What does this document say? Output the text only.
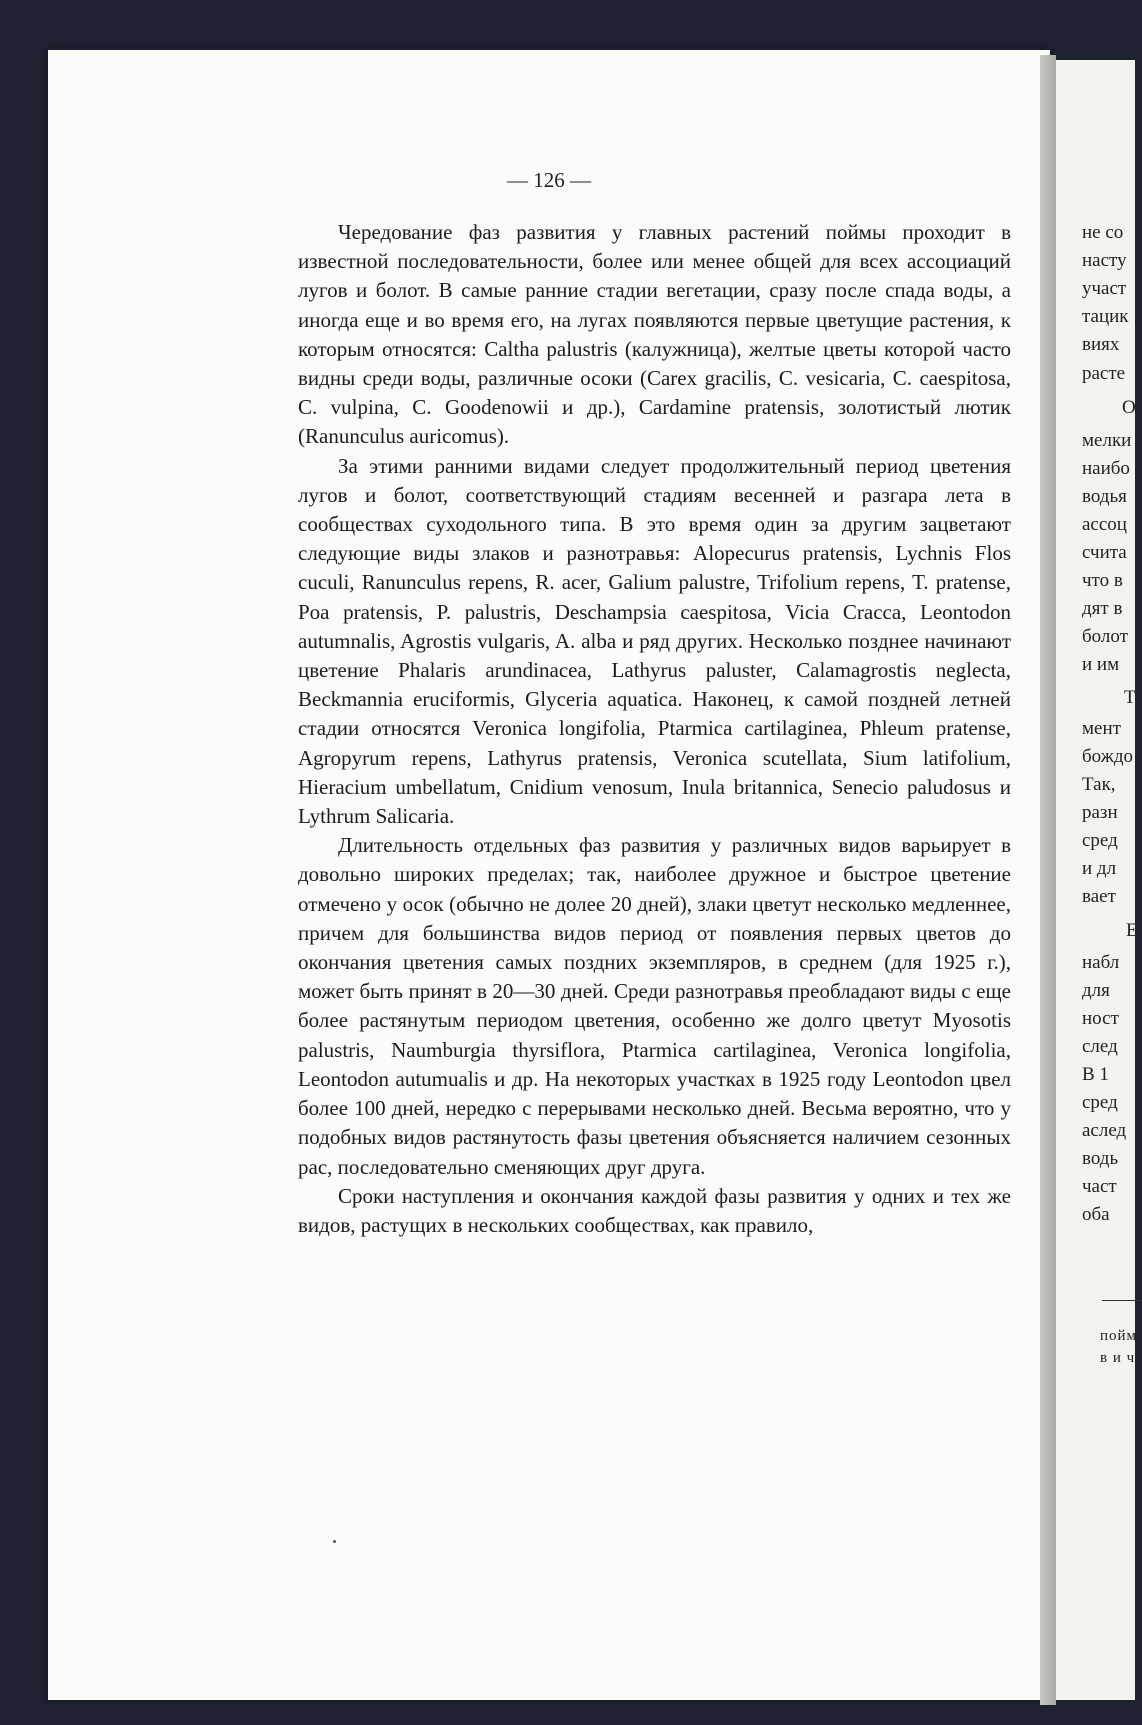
— 126 —

Чередование фаз развития у главных растений поймы проходит в известной последовательности, более или менее общей для всех ассоциаций лугов и болот. В самые ранние стадии вегетации, сразу после спада воды, а иногда еще и во время его, на лугах появляются первые цветущие растения, к которым относятся: Caltha palustris (калужница), желтые цветы которой часто видны среди воды, различные осоки (Carex gracilis, C. vesicaria, C. caespitosa, C. vulpina, C. Goodenowii и др.), Cardamine pratensis, золотистый лютик (Ranunculus auricomus).

За этими ранними видами следует продолжительный период цветения лугов и болот, соответствующий стадиям весенней и разгара лета в сообществах суходольного типа. В это время один за другим зацветают следующие виды злаков и разнотравья: Alopecurus pratensis, Lychnis Flos cuculi, Ranunculus repens, R. acer, Galium palustre, Trifolium repens, T. pratense, Poa pratensis, P. palustris, Deschampsia caespitosa, Vicia Cracca, Leontodon autumnalis, Agrostis vulgaris, A. alba и ряд других. Несколько позднее начинают цветение Phalaris arundinacea, Lathyrus paluster, Calamagrostis neglecta, Beckmannia eruciformis, Glyceria aquatica. Наконец, к самой поздней летней стадии относятся Veronica longifolia, Ptarmica cartilaginea, Phleum pratense, Agropyrum repens, Lathyrus pratensis, Veronica scutellata, Sium latifolium, Hieracium umbellatum, Cnidium venosum, Inula britannica, Senecio paludosus и Lythrum Salicaria.

Длительность отдельных фаз развития у различных видов варьирует в довольно широких пределах; так, наиболее дружное и быстрое цветение отмечено у осок (обычно не долее 20 дней), злаки цветут несколько медленнее, причем для большинства видов период от появления первых цветов до окончания цветения самых поздних экземпляров, в среднем (для 1925 г.), может быть принят в 20—30 дней. Среди разнотравья преобладают виды с еще более растянутым периодом цветения, особенно же долго цветут Myosotis palustris, Naumburgia thyrsiflora, Ptarmica cartilaginea, Veronica longifolia, Leontodon autumualis и др. На некоторых участках в 1925 году Leontodon цвел более 100 дней, нередко с перерывами несколько дней. Весьма вероятно, что у подобных видов растянутость фазы цветения объясняется наличием сезонных рас, последовательно сменяющих друг друга.

Сроки наступления и окончания каждой фазы развития у одних и тех же видов, растущих в нескольких сообществах, как правило,

не со
насту
участ
тацик
виях
расте
О
мелки
наибо
водья
ассоц
счита
что в
дят в
болот
и им
Т
мент
бождо
Так,
разн
сред
и дл
вает
Е
набл
для
ност
след
В 1
сред
аслед
водь
част
оба
пойм
в и ч
